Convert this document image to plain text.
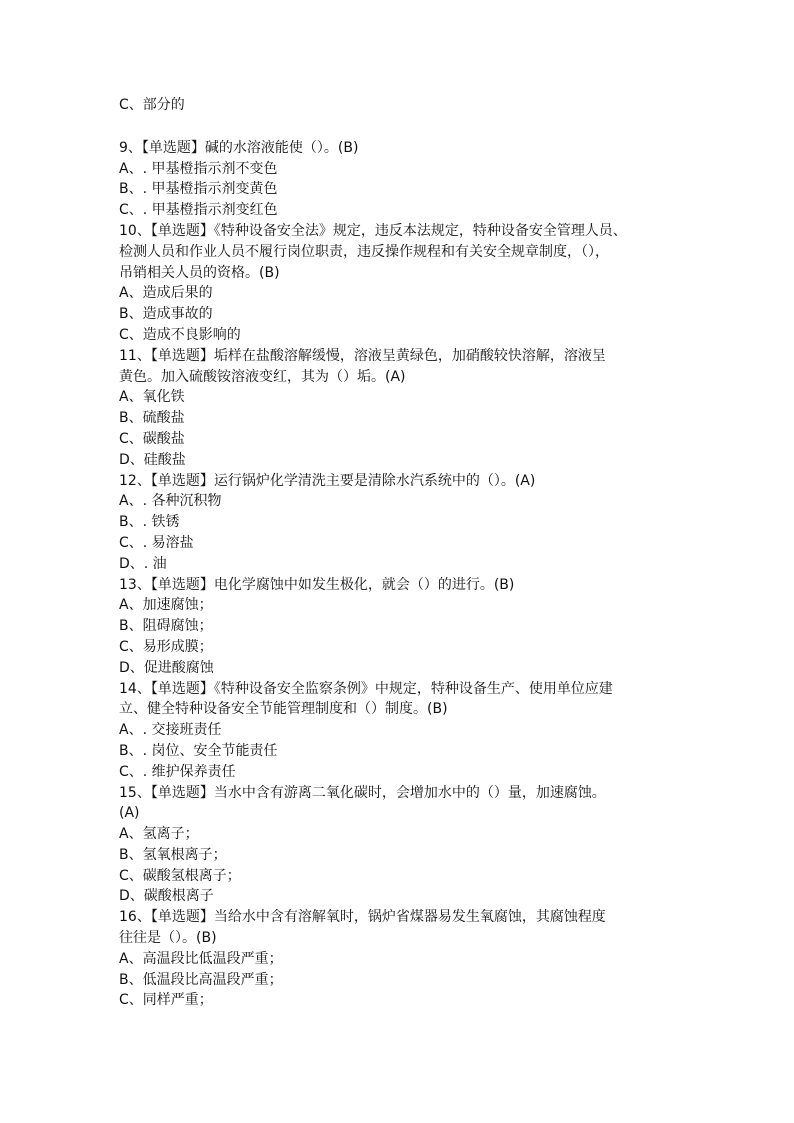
C、部分的

9、【单选题】碱的水溶液能使（）。(B)

A、. 甲基橙指示剂不变色

B、. 甲基橙指示剂变黄色

C、. 甲基橙指示剂变红色

10、【单选题】《特种设备安全法》规定，违反本法规定，特种设备安全管理人员、

检测人员和作业人员不履行岗位职责，违反操作规程和有关安全规章制度，（），

吊销相关人员的资格。(B)

A、造成后果的

B、造成事故的

C、造成不良影响的

11、【单选题】垢样在盐酸溶解缓慢，溶液呈黄绿色，加硝酸较快溶解，溶液呈

黄色。加入硫酸铵溶液变红，其为（）垢。(A)

A、氧化铁

B、硫酸盐

C、碳酸盐

D、硅酸盐

12、【单选题】运行锅炉化学清洗主要是清除水汽系统中的（）。(A)

A、. 各种沉积物

B、. 铁锈

C、. 易溶盐

D、. 油

13、【单选题】电化学腐蚀中如发生极化，就会（）的进行。(B)

A、加速腐蚀；

B、阻碍腐蚀；

C、易形成膜；

D、促进酸腐蚀

14、【单选题】《特种设备安全监察条例》中规定，特种设备生产、使用单位应建

立、健全特种设备安全节能管理制度和（）制度。(B)

A、. 交接班责任

B、. 岗位、安全节能责任

C、. 维护保养责任

15、【单选题】当水中含有游离二氧化碳时，会增加水中的（）量，加速腐蚀。

(A)

A、氢离子；

B、氢氧根离子；

C、碳酸氢根离子；

D、碳酸根离子

16、【单选题】当给水中含有溶解氧时，锅炉省煤器易发生氧腐蚀，其腐蚀程度

往往是（）。(B)

A、高温段比低温段严重；

B、低温段比高温段严重；

C、同样严重；
